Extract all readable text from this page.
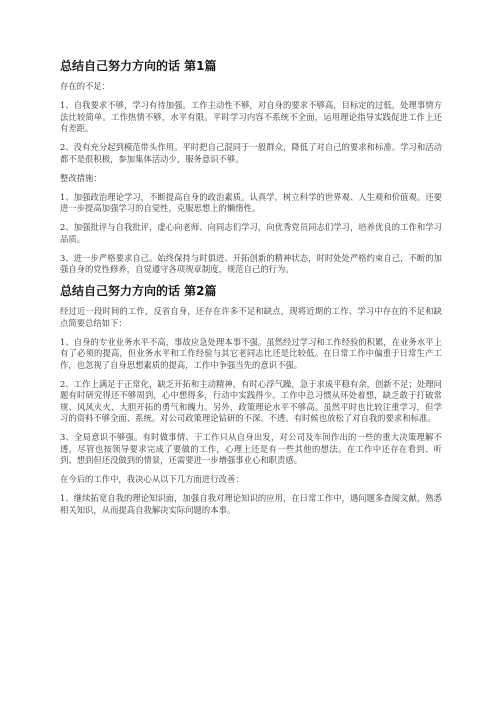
总结自己努力方向的话 第1篇

存在的不足：

1、自我要求不够，学习有待加强。工作主动性不够，对自身的要求不够高，目标定的过低，处理事情方法比较简单。工作热情不够，水平有限。平时学习内容不系统不全面，运用理论指导实践促进工作上还有差距。

2、没有充分起到模范带头作用。平时把自己混同于一般群众，降低了对自己的要求和标准。学习和活动都不是很积极，参加集体活动少，服务意识不够。

整改措施：

1、加强政治理论学习，不断提高自身的政治素质。认真学，树立科学的世界观、人生观和价值观。还要进一步提高加强学习的自觉性，克服思想上的懒惰性。

2、加强批评与自我批评，虚心向老师、向同志们学习，向优秀党员同志们学习，培养优良的工作和学习品质。

3、进一步严格要求自己。始终保持与时俱进、开拓创新的精神状态，时时处处严格约束自己，不断的加强自身的党性修养，自觉遵守各项规章制度，规范自己的行为。

总结自己努力方向的话 第2篇

经过近一段时间的工作，反省自身，还存在许多不足和缺点，现将近期的工作、学习中存在的不足和缺点简要总结如下：

1、自身的专业业务水平不高，事故应急处理本事不强。虽然经过学习和工作经验的积累，在业务水平上有了必须的提高，但业务水平和工作经验与其它老同志比还是比较低。在日常工作中偏重于日常生产工作，也忽视了自身思想素质的提高，工作中争强当先的意识不强。

2、工作上满足于正常化，缺乏开拓和主动精神，有时心浮气躁，急于求成平稳有余，创新不足；处理问题有时研究得还不够周到，心中想得多，行动中实践得少。工作中总习惯从环处着想，缺乏敢于打破常规、风风火火、大胆开拓的勇气和魄力。另外，政策理论水平不够高。虽然平时也比较注重学习，但学习的资料不够全面、系统。对公司政策理论钻研的不深、不透。有时候也放松了对自我的要求和标准。

3、全局意识不够强。有时做事情、干工作只从自身出发，对公司及车间作出的一些的重大决策理解不透，尽管也按领导要求完成了要做的工作，心理上还是有一些其他的想法。在工作中还存在看到、听到、想到但还没做到的情景，还需要进一步增强事业心和职责感。

在今后的工作中，我决心从以下几方面进行改善：

1、继续拓宽自我的理论知识面，加强自我对理论知识的应用，在日常工作中，遇问题多查阅文献，熟悉相关知识，从而提高自我解决实际问题的本事。
